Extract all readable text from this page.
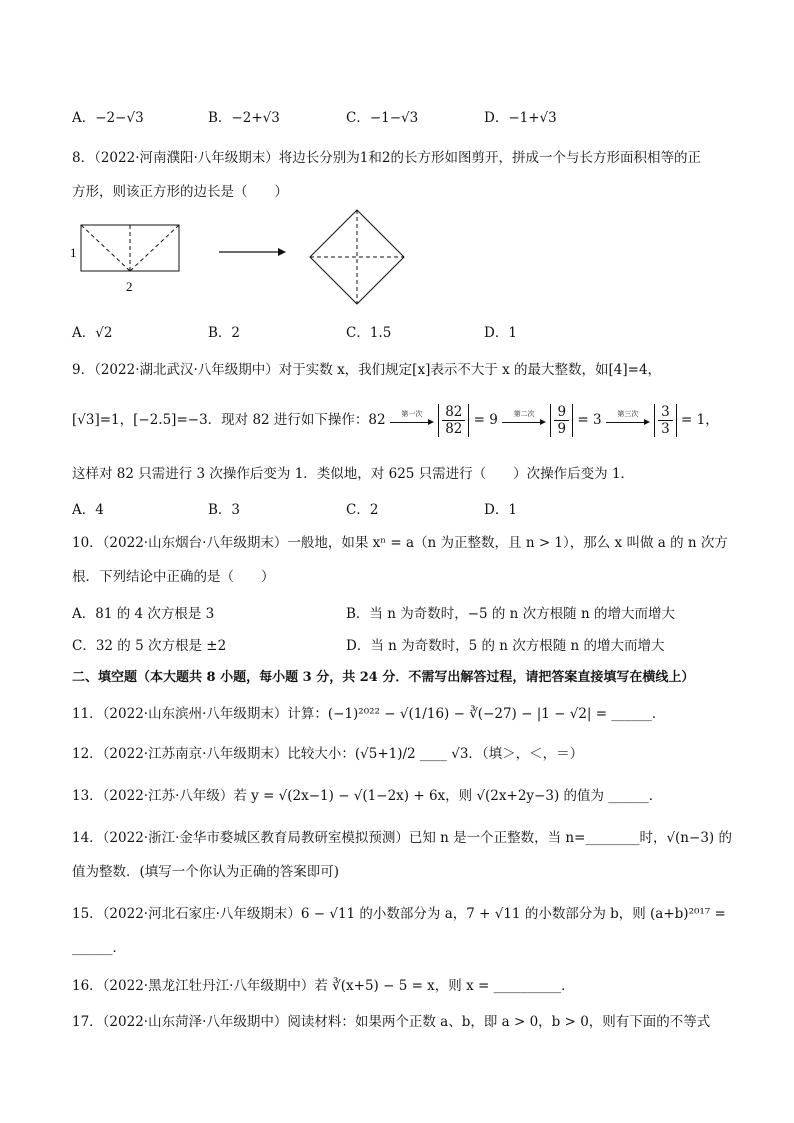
A．−2−√3	B．−2+√3	C．−1−√3	D．−1+√3
8．（2022·河南濮阳·八年级期末）将边长分别为1和2的长方形如图剪开，拼成一个与长方形面积相等的正
方形，则该正方形的边长是（　　）
1
2
A．√2	B．2	C．1.5	D．1
9．（2022·湖北武汉·八年级期中）对于实数 x，我们规定[x]表示不大于 x 的最大整数，如[4]=4，
[√3]=1，[−2.5]=−3．现对 82 进行如下操作：82	第一次
	$\frac{82}{82} = 9$	第二次
	$\frac{9}{9} = 3$	第三次
	$\frac{3}{3} = 1$，
这样对 82 只需进行 3 次操作后变为 1．类似地，对 625 只需进行（　　）次操作后变为 1．
A．4	B．3	C．2	D．1
10．（2022·山东烟台·八年级期末）一般地，如果 xⁿ = a（n 为正整数，且 n > 1），那么 x 叫做 a 的 n 次方
根．下列结论中正确的是（　　）
A．81 的 4 次方根是 3	B．当 n 为奇数时，−5 的 n 次方根随 n 的增大而增大
C．32 的 5 次方根是 ±2	D．当 n 为奇数时，5 的 n 次方根随 n 的增大而增大
二、填空题（本大题共 8 小题，每小题 3 分，共 24 分．不需写出解答过程，请把答案直接填写在横线上）
11．（2022·山东滨州·八年级期末）计算：(−1)²⁰²² − √(1/16) − ∛(−27) − |1 − √2| = ______．
12．（2022·江苏南京·八年级期末）比较大小：(√5+1)/2 ____ √3．（填＞，＜，＝）
13．（2022·江苏·八年级）若 y = √(2x−1) − √(1−2x) + 6x，则 √(2x+2y−3) 的值为 ______．
14．（2022·浙江·金华市婺城区教育局教研室模拟预测）已知 n 是一个正整数，当 n=________时，√(n−3) 的
值为整数．(填写一个你认为正确的答案即可)
15．（2022·河北石家庄·八年级期末）6 − √11 的小数部分为 a，7 + √11 的小数部分为 b，则 (a+b)²⁰¹⁷ =
______．
16．（2022·黑龙江牡丹江·八年级期中）若 ∛(x+5) − 5 = x，则 x = __________．
17．（2022·山东菏泽·八年级期中）阅读材料：如果两个正数 a、b，即 a > 0，b > 0，则有下面的不等式
